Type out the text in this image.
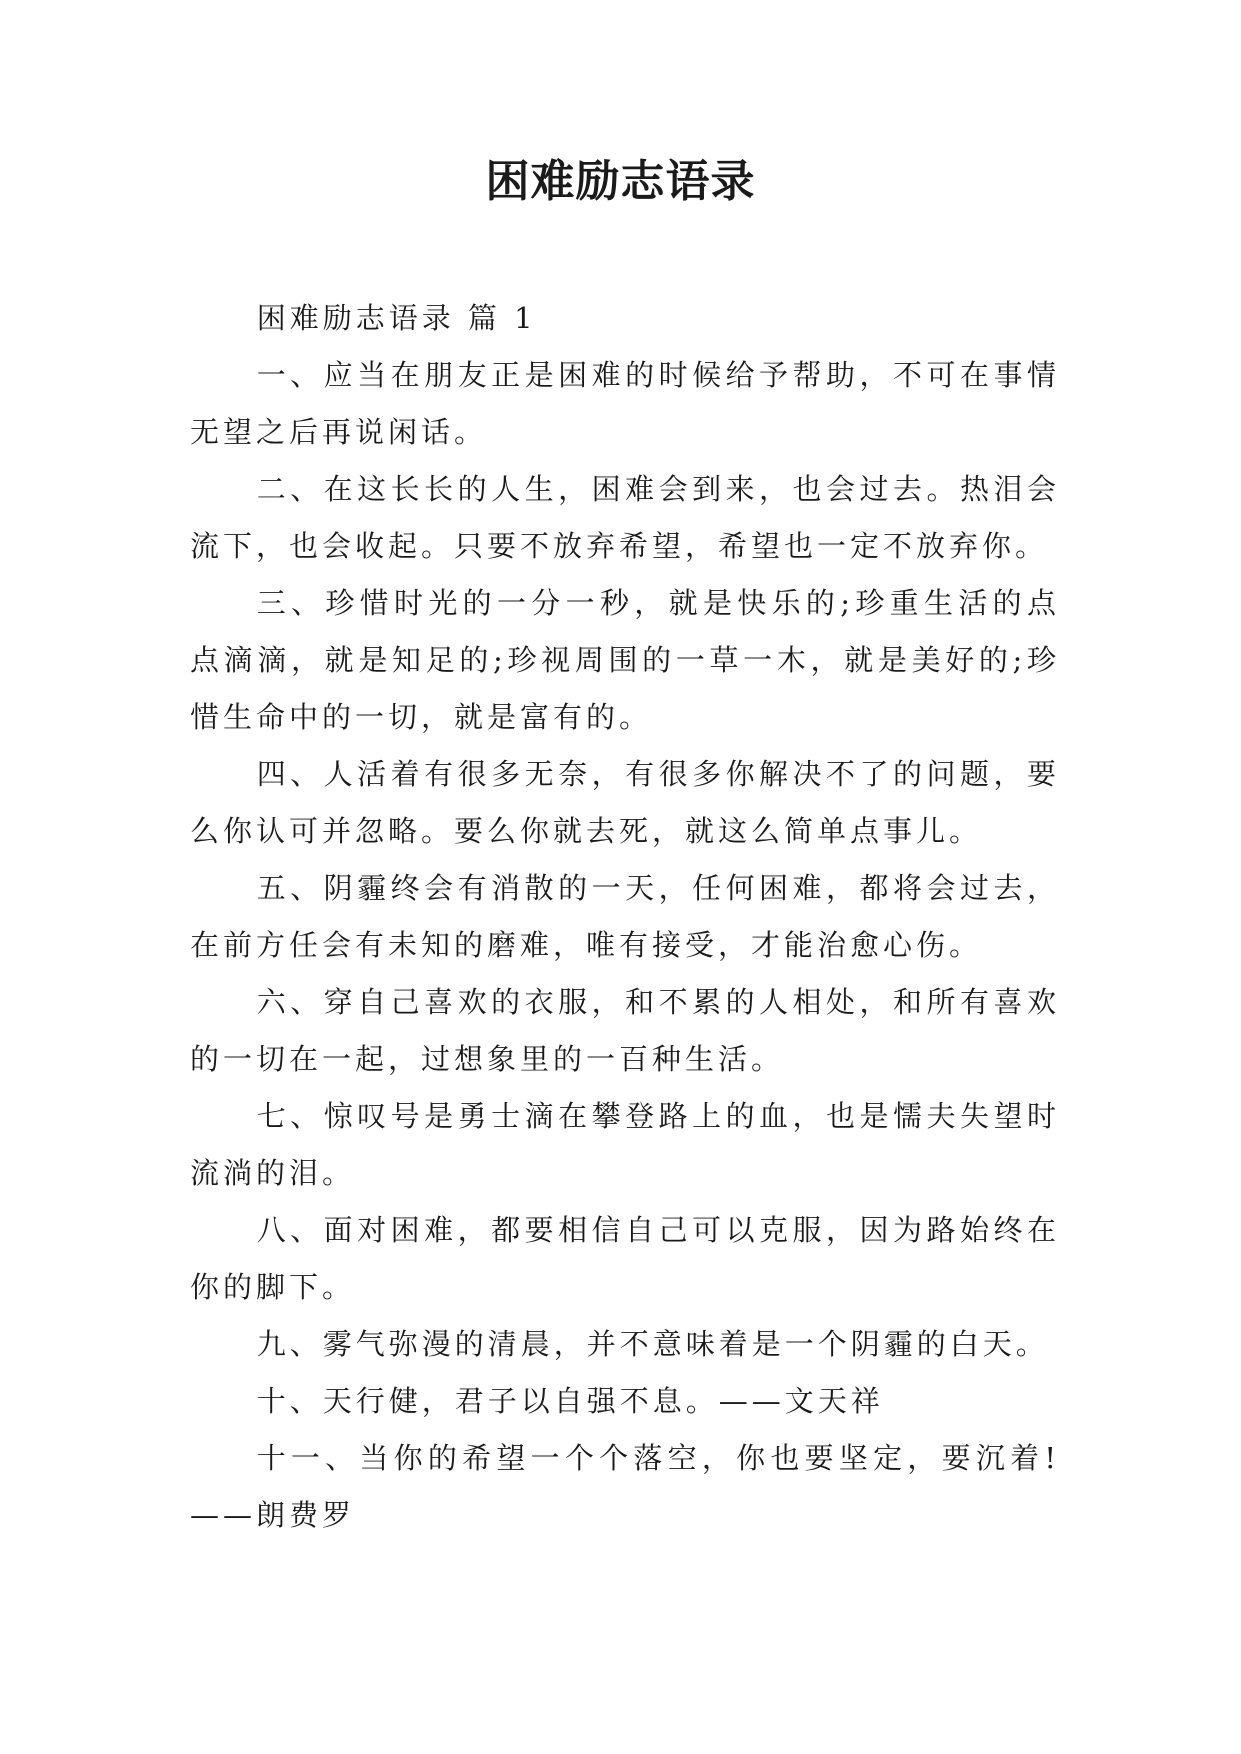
困难励志语录

困难励志语录 篇 1

一、应当在朋友正是困难的时候给予帮助，不可在事情无望之后再说闲话。

二、在这长长的人生，困难会到来，也会过去。热泪会流下，也会收起。只要不放弃希望，希望也一定不放弃你。

三、珍惜时光的一分一秒，就是快乐的;珍重生活的点点滴滴，就是知足的;珍视周围的一草一木，就是美好的;珍惜生命中的一切，就是富有的。

四、人活着有很多无奈，有很多你解决不了的问题，要么你认可并忽略。要么你就去死，就这么简单点事儿。

五、阴霾终会有消散的一天，任何困难，都将会过去，在前方任会有未知的磨难，唯有接受，才能治愈心伤。

六、穿自己喜欢的衣服，和不累的人相处，和所有喜欢的一切在一起，过想象里的一百种生活。

七、惊叹号是勇士滴在攀登路上的血，也是懦夫失望时流淌的泪。

八、面对困难，都要相信自己可以克服，因为路始终在你的脚下。

九、雾气弥漫的清晨，并不意味着是一个阴霾的白天。

十、天行健，君子以自强不息。——文天祥

十一、当你的希望一个个落空，你也要坚定，要沉着!——朗费罗
